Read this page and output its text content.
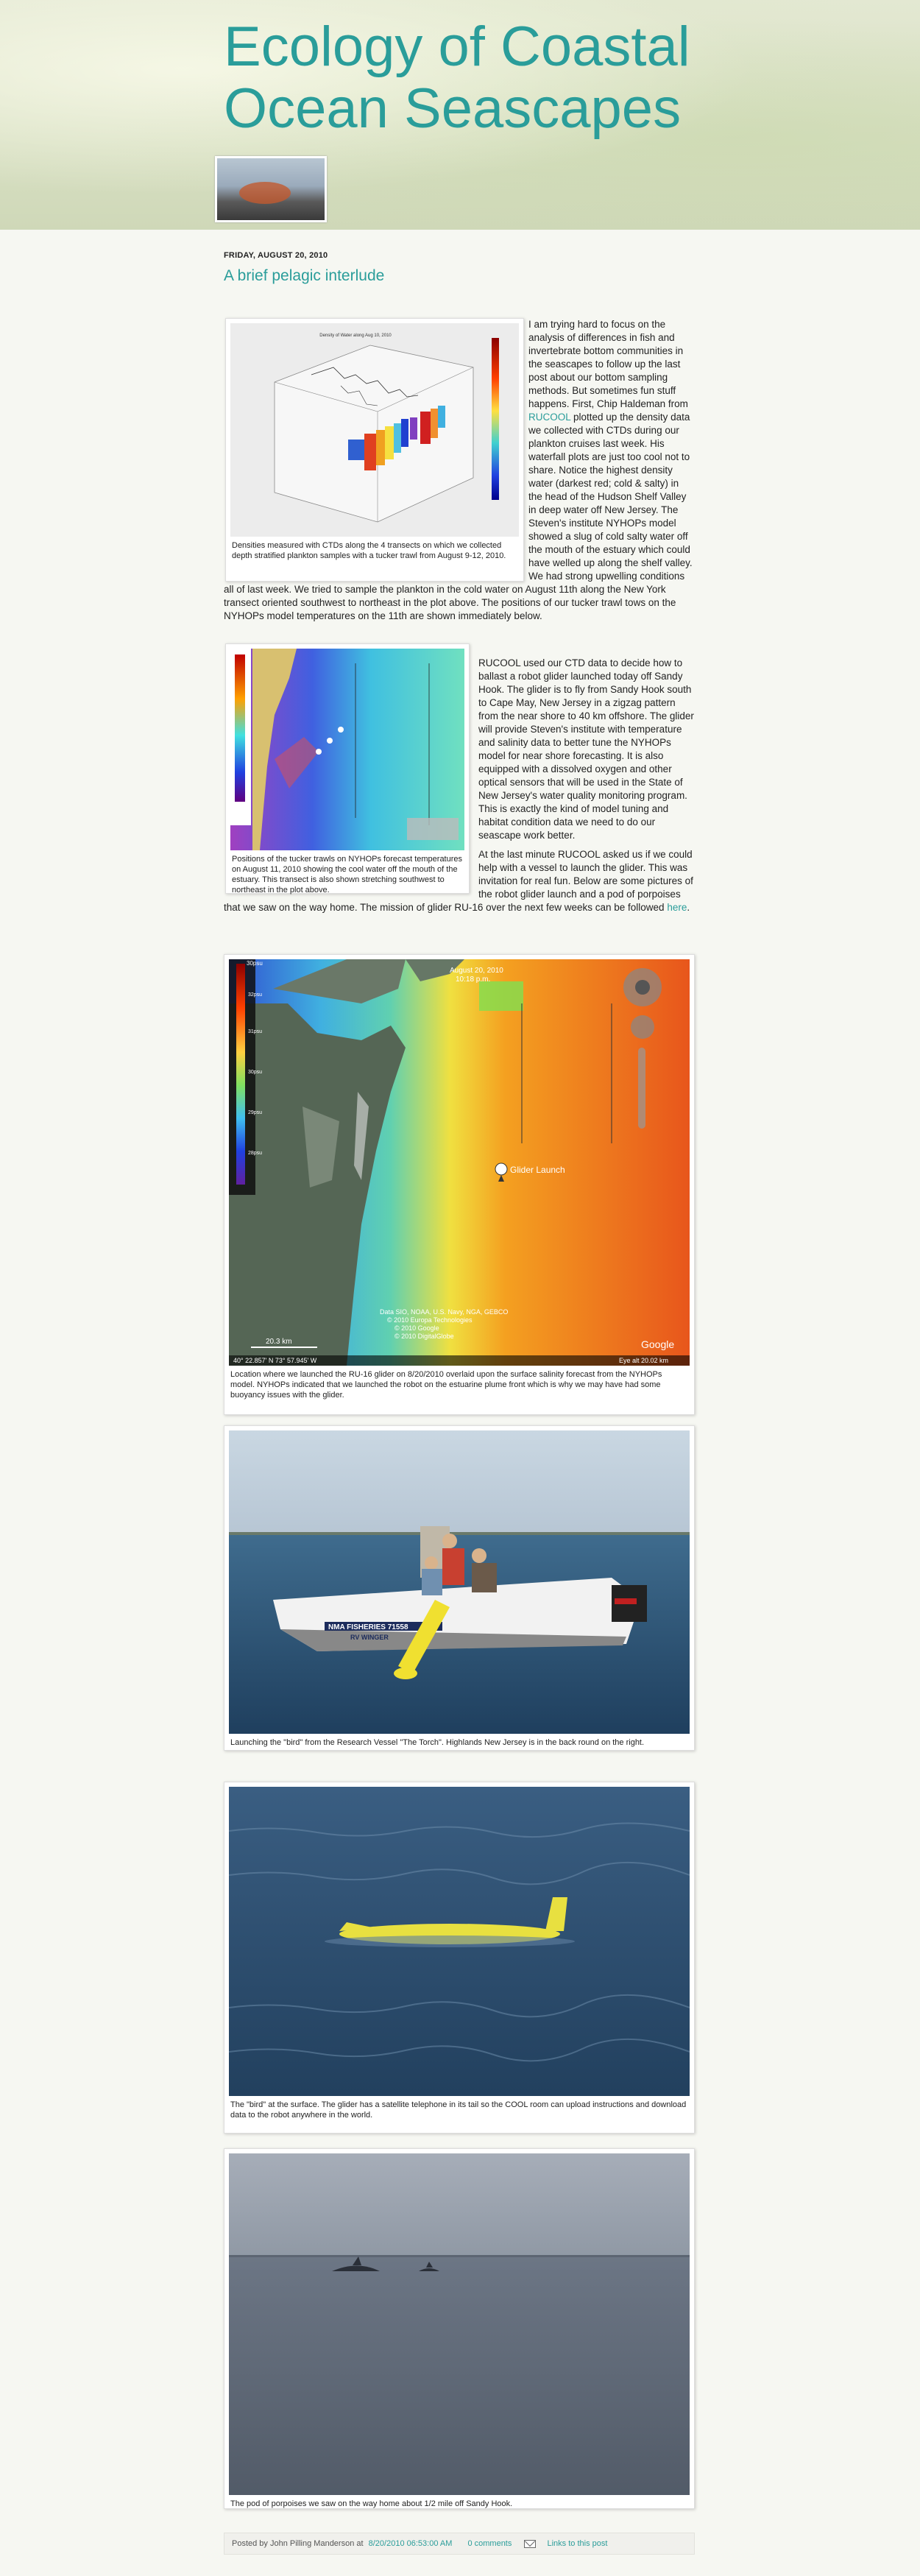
Ecology of Coastal Ocean Seascapes
FRIDAY, AUGUST 20, 2010
A brief pelagic interlude
Density of Water along Aug 10, 2010
Densities measured with CTDs along the 4 transects on which we collected depth stratified plankton samples with a tucker trawl from August 9-12, 2010.
I am trying hard to focus on the analysis of differences in fish and invertebrate bottom communities in the seascapes to follow up the last post about our bottom sampling methods. But sometimes fun stuff happens. First, Chip Haldeman from RUCOOL plotted up the density data we collected with CTDs during our plankton cruises last week. His waterfall plots are just too cool not to share. Notice the highest density water (darkest red; cold & salty) in the head of the Hudson Shelf Valley in deep water off New Jersey. The Steven's institute NYHOPs model showed a slug of cold salty water off the mouth of the estuary which could have welled up along the shelf valley. We had strong upwelling conditions all of last week. We tried to sample the plankton in the cold water on August 11th along the New York transect oriented southwest to northeast in the plot above. The positions of our tucker trawl tows on the NYHOPs model temperatures on the 11th are shown immediately below.
Positions of the tucker trawls on NYHOPs forecast temperatures on August 11, 2010 showing the cool water off the mouth of the estuary. This transect is also shown stretching southwest to northeast in the plot above.
RUCOOL used our CTD data to decide how to ballast a robot glider launched today off Sandy Hook. The glider is to fly from Sandy Hook south to Cape May, New Jersey in a zigzag pattern from the near shore to 40 km offshore. The glider will provide Steven's institute with temperature and salinity data to better tune the NYHOPs model for near shore forecasting. It is also equipped with a dissolved oxygen and other optical sensors that will be used in the State of New Jersey's water quality monitoring program. This is exactly the kind of model tuning and habitat condition data we need to do our seascape work better.
At the last minute RUCOOL asked us if we could help with a vessel to launch the glider. This was invitation for real fun. Below are some pictures of the robot glider launch and a pod of porpoises that we saw on the way home. The mission of glider RU-16 over the next few weeks can be followed here.
30psu
32psu
31psu
30psu
29psu
28psu
August 20, 2010
10:18 p.m.
Glider Launch
Data SIO, NOAA, U.S. Navy, NGA, GEBCO
© 2010 Europa Technologies
© 2010 Google
© 2010 DigitalGlobe
20.3 km
40° 22.857' N 73° 57.945' W	Eye alt 20.02 km
Google
Location where we launched the RU-16 glider on 8/20/2010 overlaid upon the surface salinity forecast from the NYHOPs model. NYHOPs indicated that we launched the robot on the estuarine plume front which is why we may have had some buoyancy issues with the glider.
NMA FISHERIES 71558
RV WINGER
Launching the "bird" from the Research Vessel "The Torch". Highlands New Jersey is in the back round on the right.
The "bird" at the surface. The glider has a satellite telephone in its tail so the COOL room can upload instructions and download data to the robot anywhere in the world.
The pod of porpoises we saw on the way home about 1/2 mile off Sandy Hook.
Posted by John Pilling Manderson at 8/20/2010 06:53:00 AM 0 comments	Links to this post
